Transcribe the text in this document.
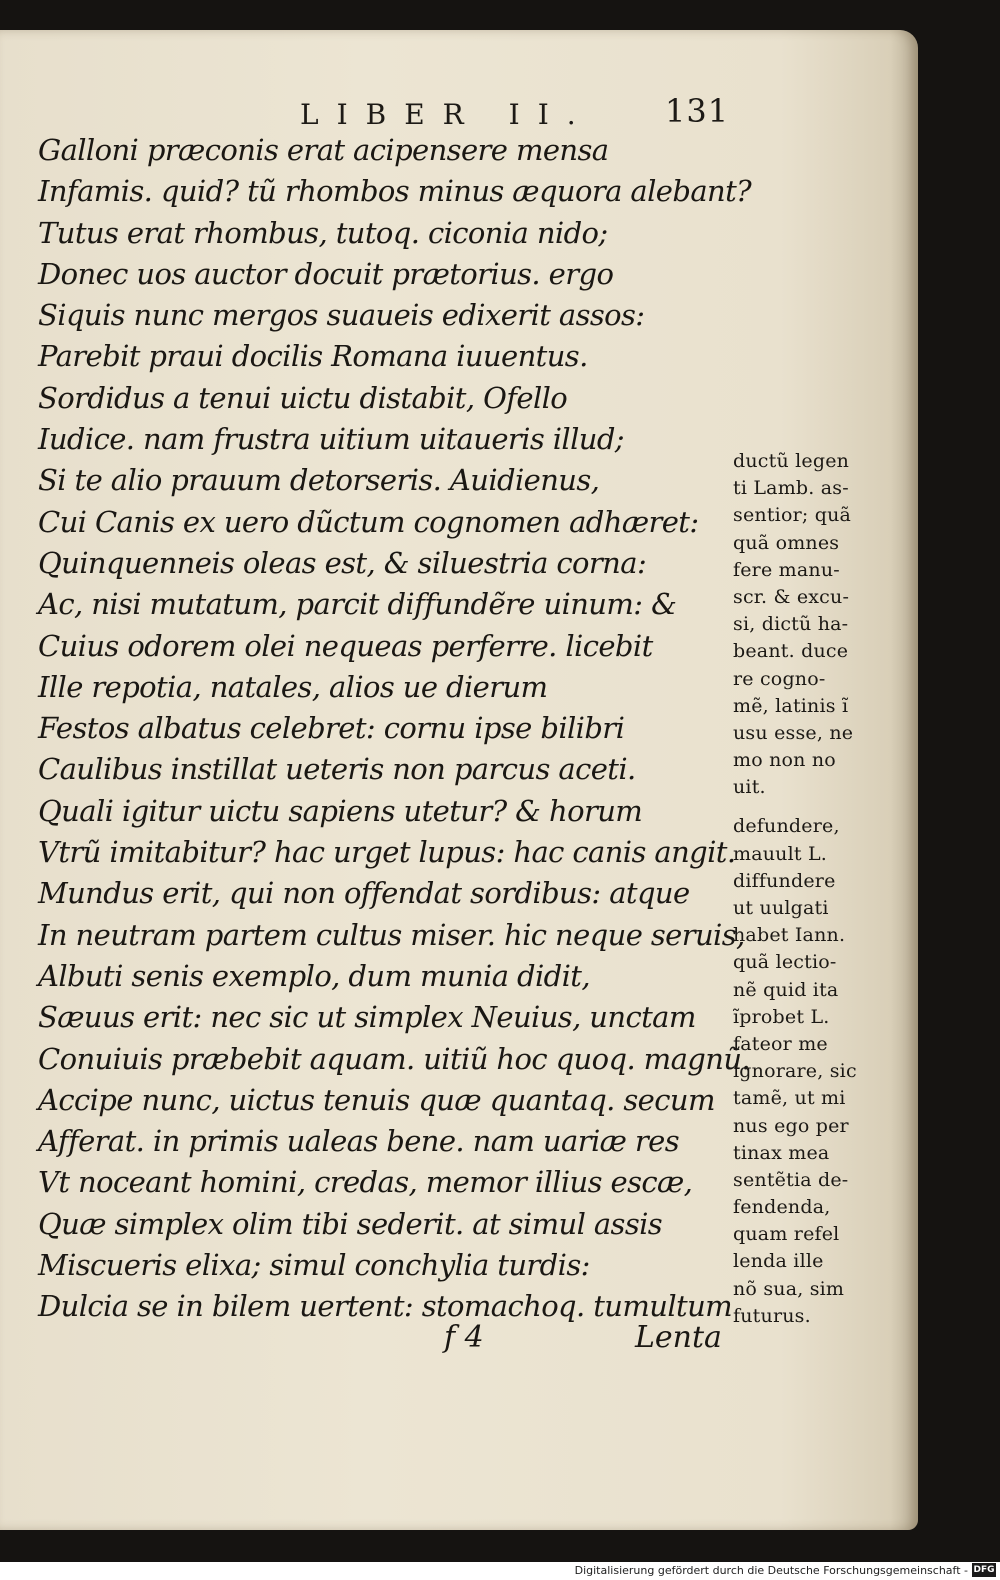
LIBER II. 131
Galloni præconis erat acipensere mensa
Infamis. quid? tũ rhombos minus æquora alebant?
Tutus erat rhombus, tutoq. ciconia nido;
Donec uos auctor docuit prætorius. ergo
Siquis nunc mergos suaueis edixerit assos:
Parebit praui docilis Romana iuuentus.
Sordidus a tenui uictu distabit, Ofello
Iudice. nam frustra uitium uitaueris illud;
Si te alio prauum detorseris. Auidienus,
Cui Canis ex uero dũctum cognomen adhæret:
Quinquenneis oleas est, & siluestria corna:
Ac, nisi mutatum, parcit diffundẽre uinum: &
Cuius odorem olei nequeas perferre. licebit
Ille repotia, natales, alios ue dierum
Festos albatus celebret: cornu ipse bilibri
Caulibus instillat ueteris non parcus aceti.
Quali igitur uictu sapiens utetur? & horum
Vtrũ imitabitur? hac urget lupus: hac canis angit.
Mundus erit, qui non offendat sordibus: atque
In neutram partem cultus miser. hic neque seruis,
Albuti senis exemplo, dum munia didit,
Sæuus erit: nec sic ut simplex Neuius, unctam
Conuiuis præbebit aquam. uitiũ hoc quoq. magnũ.
Accipe nunc, uictus tenuis quæ quantaq. secum
Afferat. in primis ualeas bene. nam uariæ res
Vt noceant homini, credas, memor illius escæ,
Quæ simplex olim tibi sederit. at simul assis
Miscueris elixa; simul conchylia turdis:
Dulcia se in bilem uertent: stomachoq. tumultum
ductũ legen
ti Lamb. as-
sentior; quã
quã omnes
fere manu-
scr. & excu-
si, dictũ ha-
beant. duce
re cogno-
mẽ, latinis ĩ
usu esse, ne
mo non no
uit.
defundere,
mauult L.
diffundere
ut uulgati
habet Iann.
quã lectio-
nẽ quid ita
ĩprobet L.
fateor me
ignorare, sic
tamẽ, ut mi
nus ego per
tinax mea
sentẽtia de-
fendenda,
quam refel
lenda ille
nõ sua, sim
futurus.
f 4	Lenta
Digitalisierung gefördert durch die Deutsche Forschungsgemeinschaft - DFG
